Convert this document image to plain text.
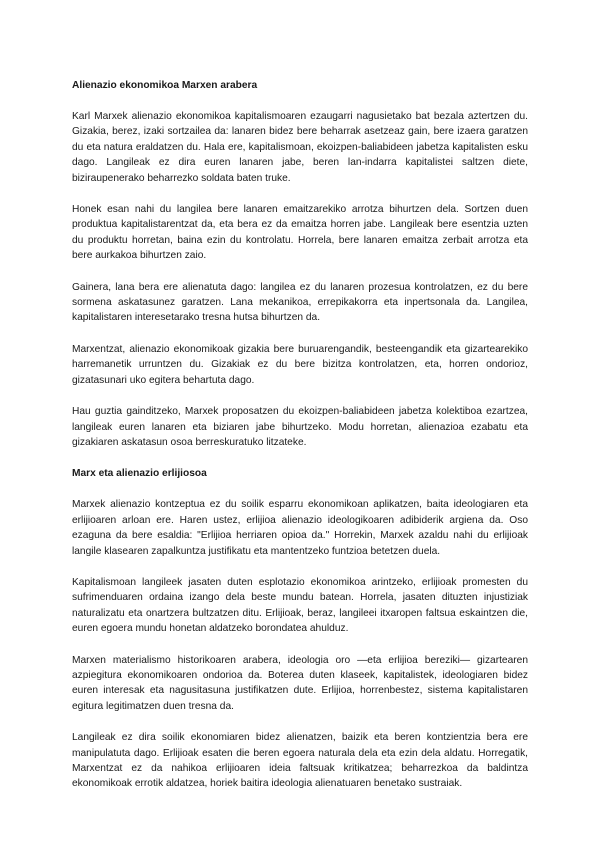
Alienazio ekonomikoa Marxen arabera

Karl Marxek alienazio ekonomikoa kapitalismoaren ezaugarri nagusietako bat bezala aztertzen du. Gizakia, berez, izaki sortzailea da: lanaren bidez bere beharrak asetzeaz gain, bere izaera garatzen du eta natura eraldatzen du. Hala ere, kapitalismoan, ekoizpen-baliabideen jabetza kapitalisten esku dago. Langileak ez dira euren lanaren jabe, beren lan-indarra kapitalistei saltzen diete, biziraupenerako beharrezko soldata baten truke.

Honek esan nahi du langilea bere lanaren emaitzarekiko arrotza bihurtzen dela. Sortzen duen produktua kapitalistarentzat da, eta bera ez da emaitza horren jabe. Langileak bere esentzia uzten du produktu horretan, baina ezin du kontrolatu. Horrela, bere lanaren emaitza zerbait arrotza eta bere aurkakoa bihurtzen zaio.

Gainera, lana bera ere alienatuta dago: langilea ez du lanaren prozesua kontrolatzen, ez du bere sormena askatasunez garatzen. Lana mekanikoa, errepikakorra eta inpertsonala da. Langilea, kapitalistaren interesetarako tresna hutsa bihurtzen da.

Marxentzat, alienazio ekonomikoak gizakia bere buruarengandik, besteengandik eta gizartearekiko harremanetik urruntzen du. Gizakiak ez du bere bizitza kontrolatzen, eta, horren ondorioz, gizatasunari uko egitera behartuta dago.

Hau guztia gainditzeko, Marxek proposatzen du ekoizpen-baliabideen jabetza kolektiboa ezartzea, langileak euren lanaren eta biziaren jabe bihurtzeko. Modu horretan, alienazioa ezabatu eta gizakiaren askatasun osoa berreskuratuko litzateke.

Marx eta alienazio erlijiosoa

Marxek alienazio kontzeptua ez du soilik esparru ekonomikoan aplikatzen, baita ideologiaren eta erlijioaren arloan ere. Haren ustez, erlijioa alienazio ideologikoaren adibiderik argiena da. Oso ezaguna da bere esaldia: "Erlijioa herriaren opioa da." Horrekin, Marxek azaldu nahi du erlijioak langile klasearen zapalkuntza justifikatu eta mantentzeko funtzioa betetzen duela.

Kapitalismoan langileek jasaten duten esplotazio ekonomikoa arintzeko, erlijioak promesten du sufrimenduaren ordaina izango dela beste mundu batean. Horrela, jasaten dituzten injustiziak naturalizatu eta onartzera bultzatzen ditu. Erlijioak, beraz, langileei itxaropen faltsua eskaintzen die, euren egoera mundu honetan aldatzeko borondatea ahulduz.

Marxen materialismo historikoaren arabera, ideologia oro —eta erlijioa bereziki— gizartearen azpiegitura ekonomikoaren ondorioa da. Boterea duten klaseek, kapitalistek, ideologiaren bidez euren interesak eta nagusitasuna justifikatzen dute. Erlijioa, horrenbestez, sistema kapitalistaren egitura legitimatzen duen tresna da.

Langileak ez dira soilik ekonomiaren bidez alienatzen, baizik eta beren kontzientzia bera ere manipulatuta dago. Erlijioak esaten die beren egoera naturala dela eta ezin dela aldatu. Horregatik, Marxentzat ez da nahikoa erlijioaren ideia faltsuak kritikatzea; beharrezkoa da baldintza ekonomikoak errotik aldatzea, horiek baitira ideologia alienatuaren benetako sustraiak.
